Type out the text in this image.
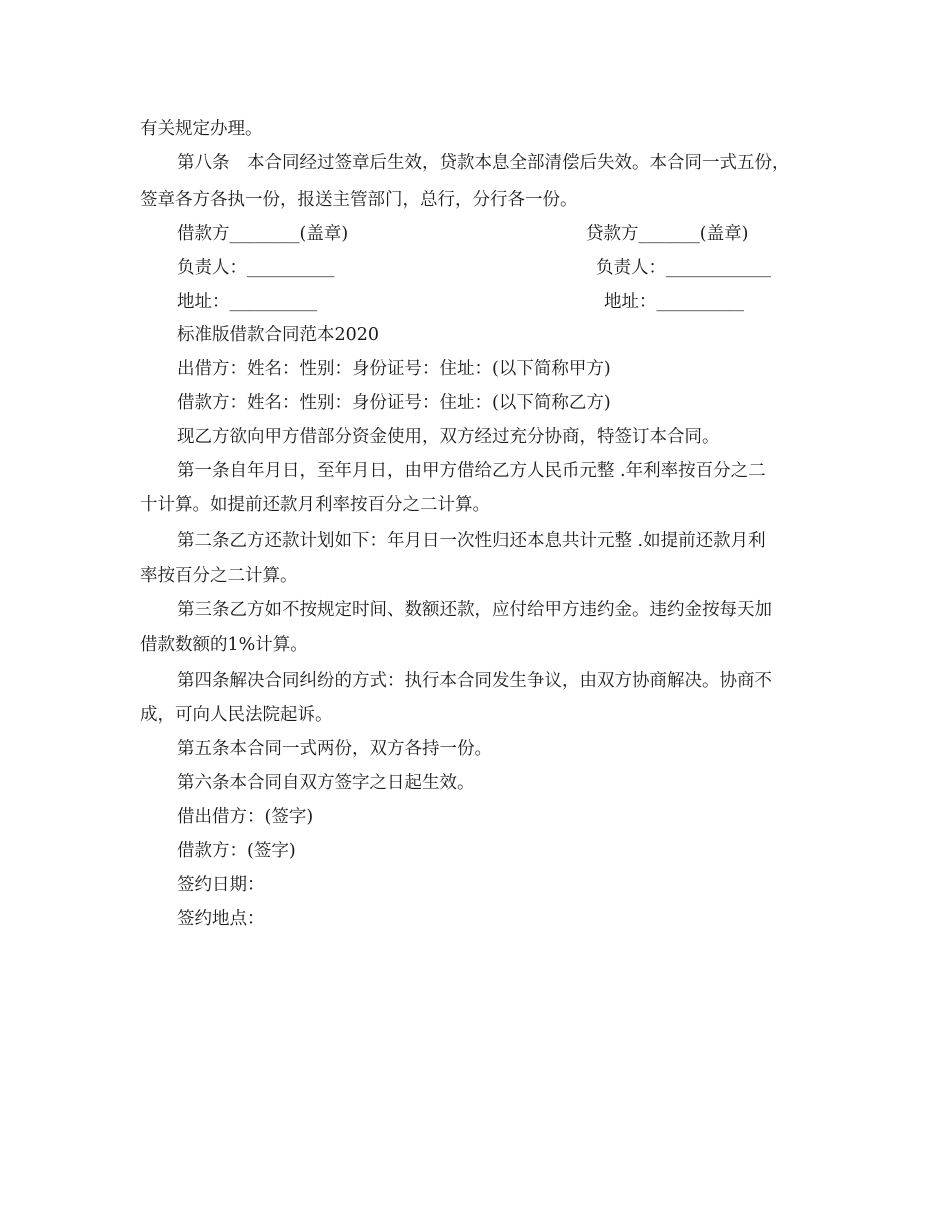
有关规定办理。
第八条　本合同经过签章后生效，贷款本息全部清偿后失效。本合同一式五份，
签章各方各执一份，报送主管部门，总行，分行各一份。
借款方________(盖章)	贷款方_______(盖章)
负责人：__________	负责人：____________
地址：__________	地址：__________
标准版借款合同范本2020
出借方：姓名：性别：身份证号：住址：(以下简称甲方)
借款方：姓名：性别：身份证号：住址：(以下简称乙方)
现乙方欲向甲方借部分资金使用，双方经过充分协商，特签订本合同。
第一条自年月日，至年月日，由甲方借给乙方人民币元整 .年利率按百分之二
十计算。如提前还款月利率按百分之二计算。
第二条乙方还款计划如下：年月日一次性归还本息共计元整 .如提前还款月利
率按百分之二计算。
第三条乙方如不按规定时间、数额还款，应付给甲方违约金。违约金按每天加
借款数额的1%计算。
第四条解决合同纠纷的方式：执行本合同发生争议，由双方协商解决。协商不
成，可向人民法院起诉。
第五条本合同一式两份，双方各持一份。
第六条本合同自双方签字之日起生效。
借出借方：(签字)
借款方：(签字)
签约日期：
签约地点：
